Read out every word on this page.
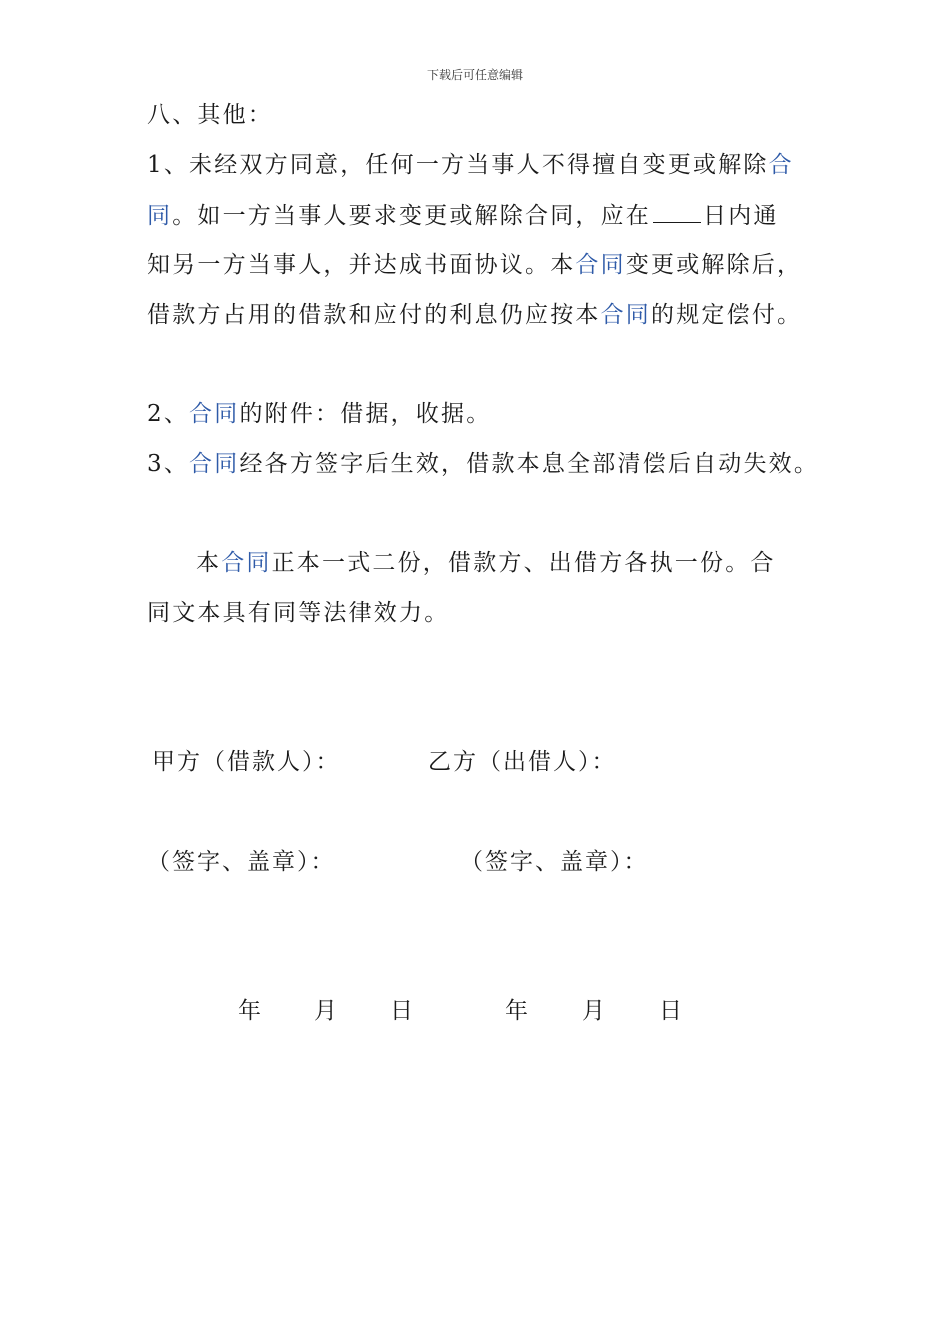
下载后可任意编辑
八、其他：
1、未经双方同意，任何一方当事人不得擅自变更或解除合
同。如一方当事人要求变更或解除合同，应在 日内通
知另一方当事人，并达成书面协议。本合同变更或解除后，
借款方占用的借款和应付的利息仍应按本合同的规定偿付。
2、合同的附件：借据，收据。
3、合同经各方签字后生效，借款本息全部清偿后自动失效。
本合同正本一式二份，借款方、出借方各执一份。合
同文本具有同等法律效力。
甲方（借款人）：	乙方（出借人）：
（签字、盖章）：	（签字、盖章）：
年 月 日	年 月 日
